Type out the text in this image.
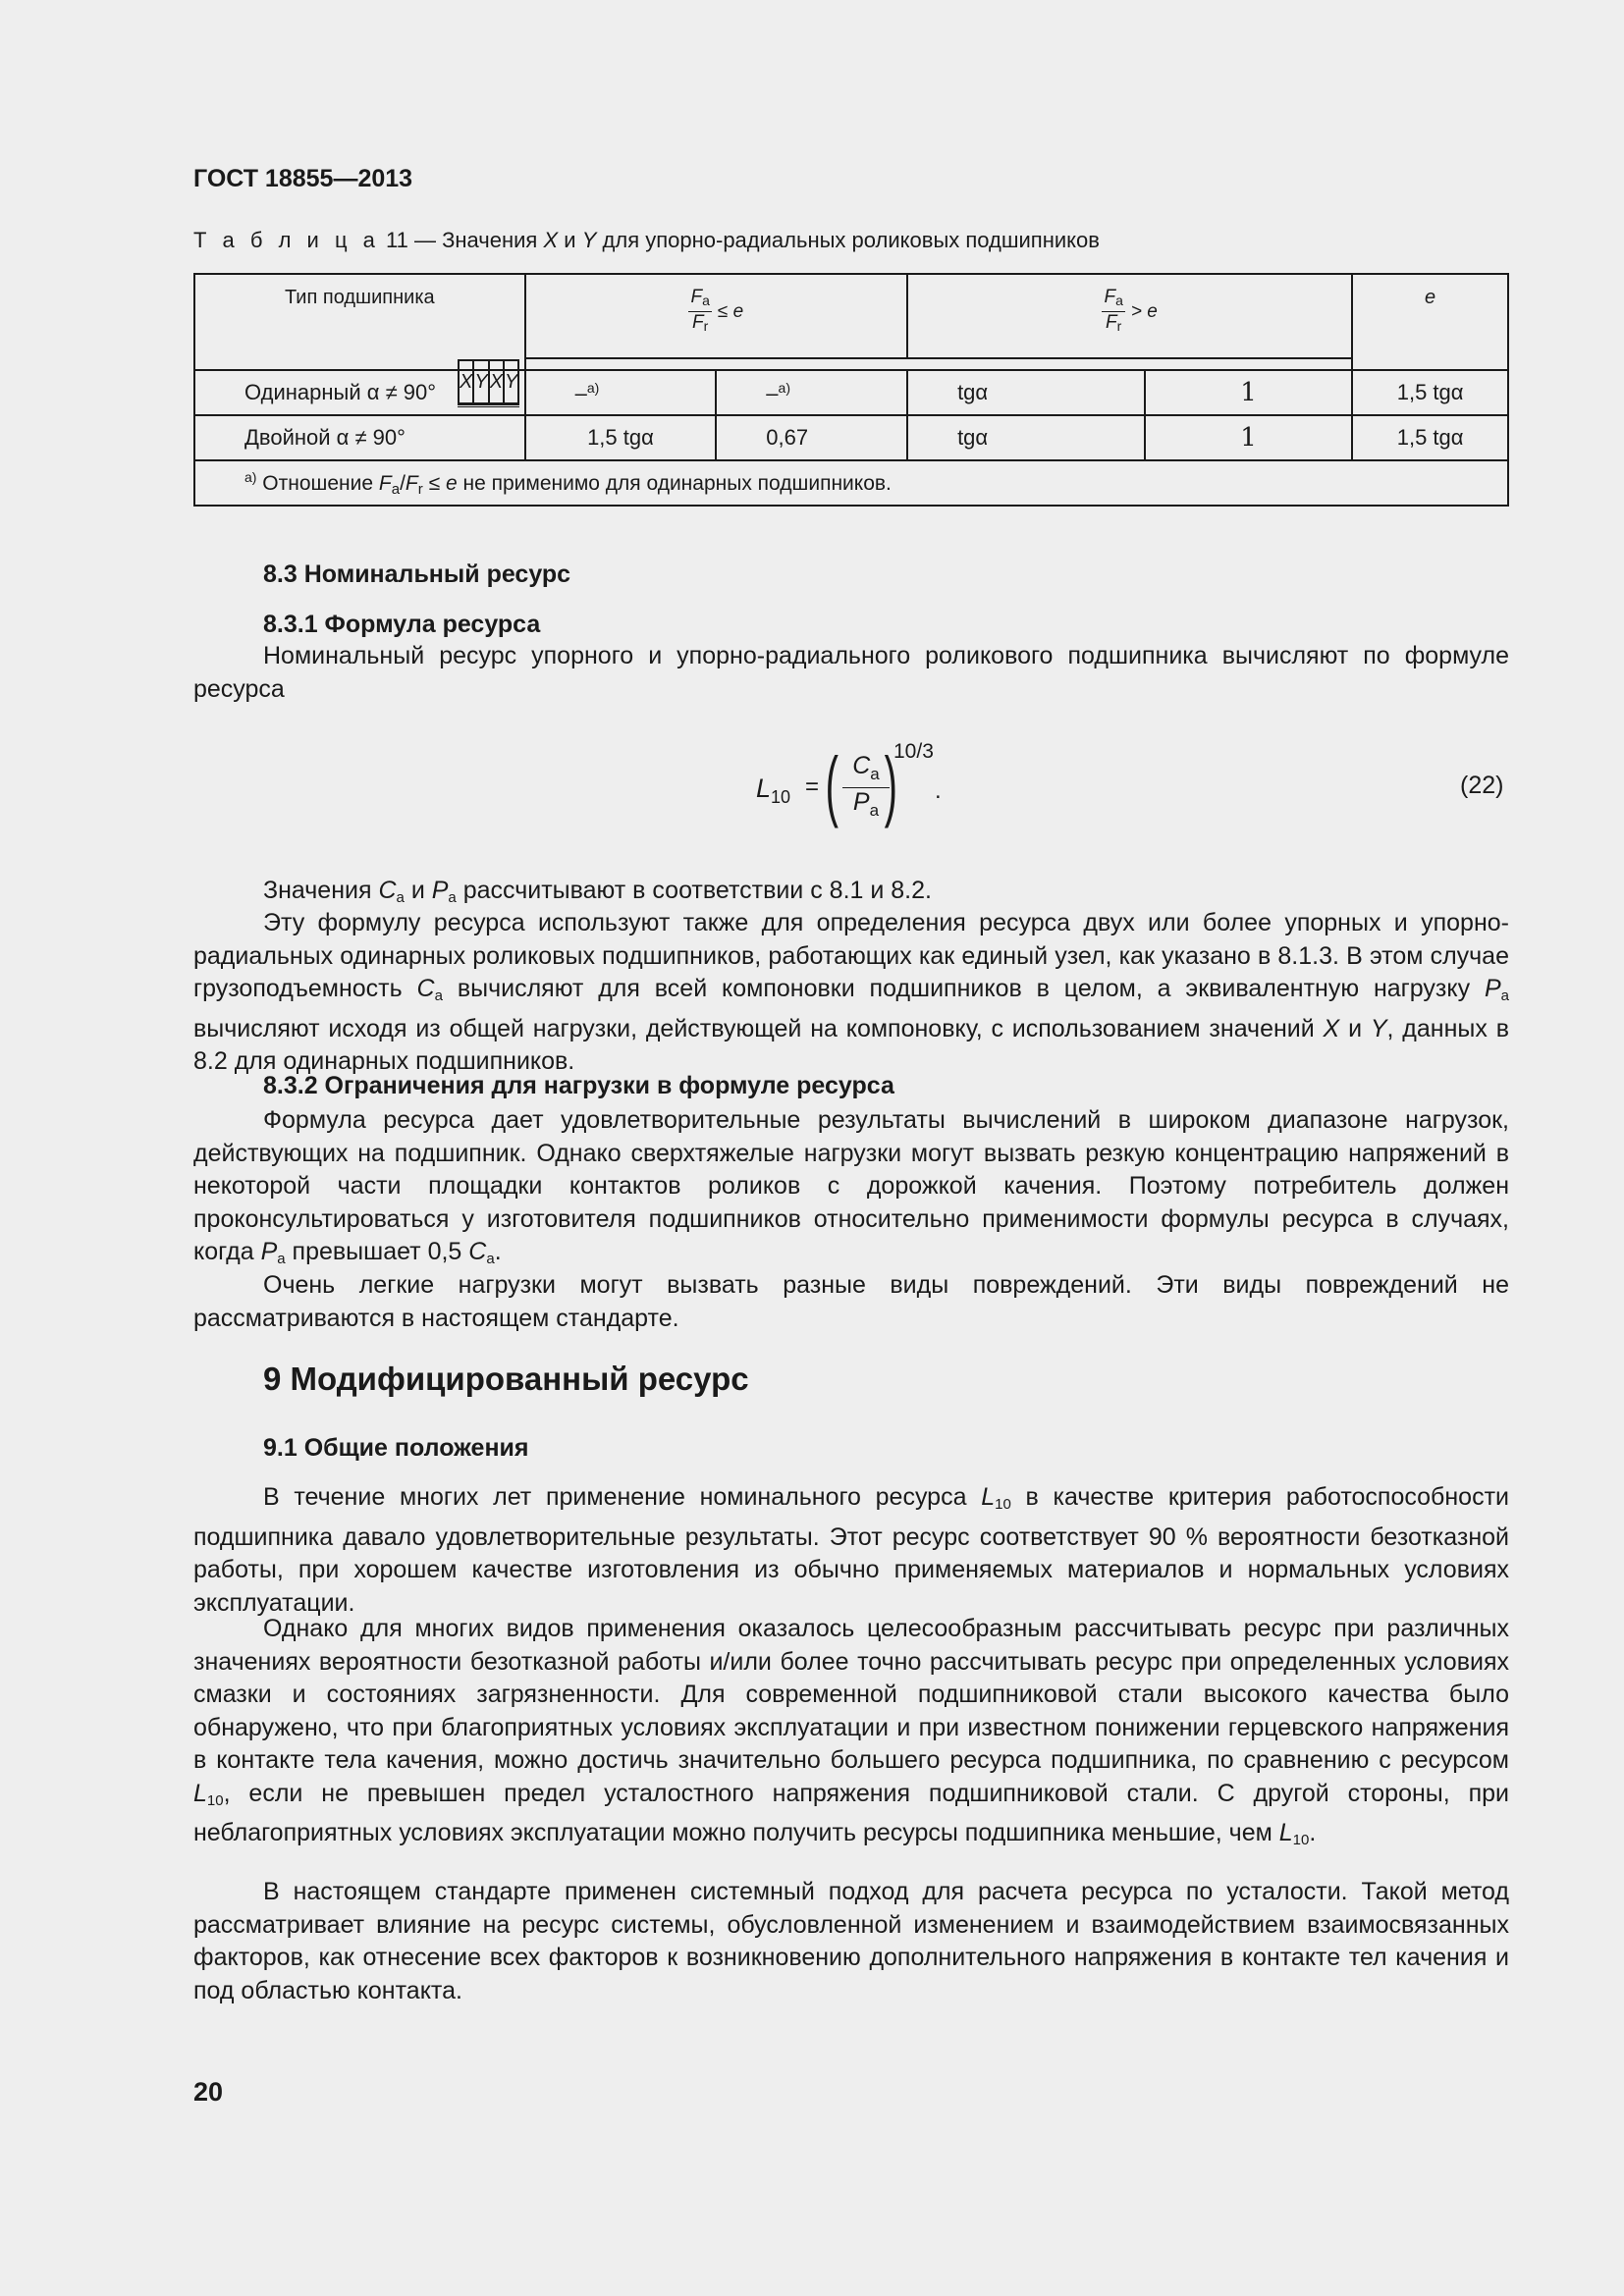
ГОСТ 18855—2013
Т а б л и ц а 11 — Значения X и Y для упорно-радиальных роликовых подшипников
Тип подшипника	$\frac{F_a}{F_r} \le e$	$\frac{F_a}{F_r} > e$	e

X	Y	X	Y
Одинарный α ≠ 90°	–$^{a)}$	–$^{a)}$	tgα	1	1,5 tgα
Двойной α ≠ 90°	1,5 tgα	0,67	tgα	1	1,5 tgα
$^{a)}$ Отношение $F_a/F_r \le e$ не применимо для одинарных подшипников.
8.3 Номинальный ресурс
8.3.1 Формула ресурса
Номинальный ресурс упорного и упорно-радиального роликового подшипника вычисляют по формуле ресурса
$L_{10}$ = ( $C_a$
$P_a$ )
10/3
.	(22)
Значения $C_a$ и $P_a$ рассчитывают в соответствии с 8.1 и 8.2.
Эту формулу ресурса используют также для определения ресурса двух или более упорных и упорно-радиальных одинарных роликовых подшипников, работающих как единый узел, как указано в 8.1.3. В этом случае грузоподъемность $C_a$ вычисляют для всей компоновки подшипников в целом, а эквивалентную нагрузку $P_a$ вычисляют исходя из общей нагрузки, действующей на компоновку, с использованием значений X и Y, данных в 8.2 для одинарных подшипников.
8.3.2 Ограничения для нагрузки в формуле ресурса
Формула ресурса дает удовлетворительные результаты вычислений в широком диапазоне нагрузок, действующих на подшипник. Однако сверхтяжелые нагрузки могут вызвать резкую концентрацию напряжений в некоторой части площадки контактов роликов с дорожкой качения. Поэтому потребитель должен проконсультироваться у изготовителя подшипников относительно применимости формулы ресурса в случаях, когда $P_a$ превышает 0,5 $C_a$.
Очень легкие нагрузки могут вызвать разные виды повреждений. Эти виды повреждений не рассматриваются в настоящем стандарте.
9 Модифицированный ресурс
9.1 Общие положения
В течение многих лет применение номинального ресурса $L_{10}$ в качестве критерия работоспособности подшипника давало удовлетворительные результаты. Этот ресурс соответствует 90 % вероятности безотказной работы, при хорошем качестве изготовления из обычно применяемых материалов и нормальных условиях эксплуатации.
Однако для многих видов применения оказалось целесообразным рассчитывать ресурс при различных значениях вероятности безотказной работы и/или более точно рассчитывать ресурс при определенных условиях смазки и состояниях загрязненности. Для современной подшипниковой стали высокого качества было обнаружено, что при благоприятных условиях эксплуатации и при известном понижении герцевского напряжения в контакте тела качения, можно достичь значительно большего ресурса подшипника, по сравнению с ресурсом $L_{10}$, если не превышен предел усталостного напряжения подшипниковой стали. С другой стороны, при неблагоприятных условиях эксплуатации можно получить ресурсы подшипника меньшие, чем $L_{10}$.
В настоящем стандарте применен системный подход для расчета ресурса по усталости. Такой метод рассматривает влияние на ресурс системы, обусловленной изменением и взаимодействием взаимосвязанных факторов, как отнесение всех факторов к возникновению дополнительного напряжения в контакте тел качения и под областью контакта.
20
